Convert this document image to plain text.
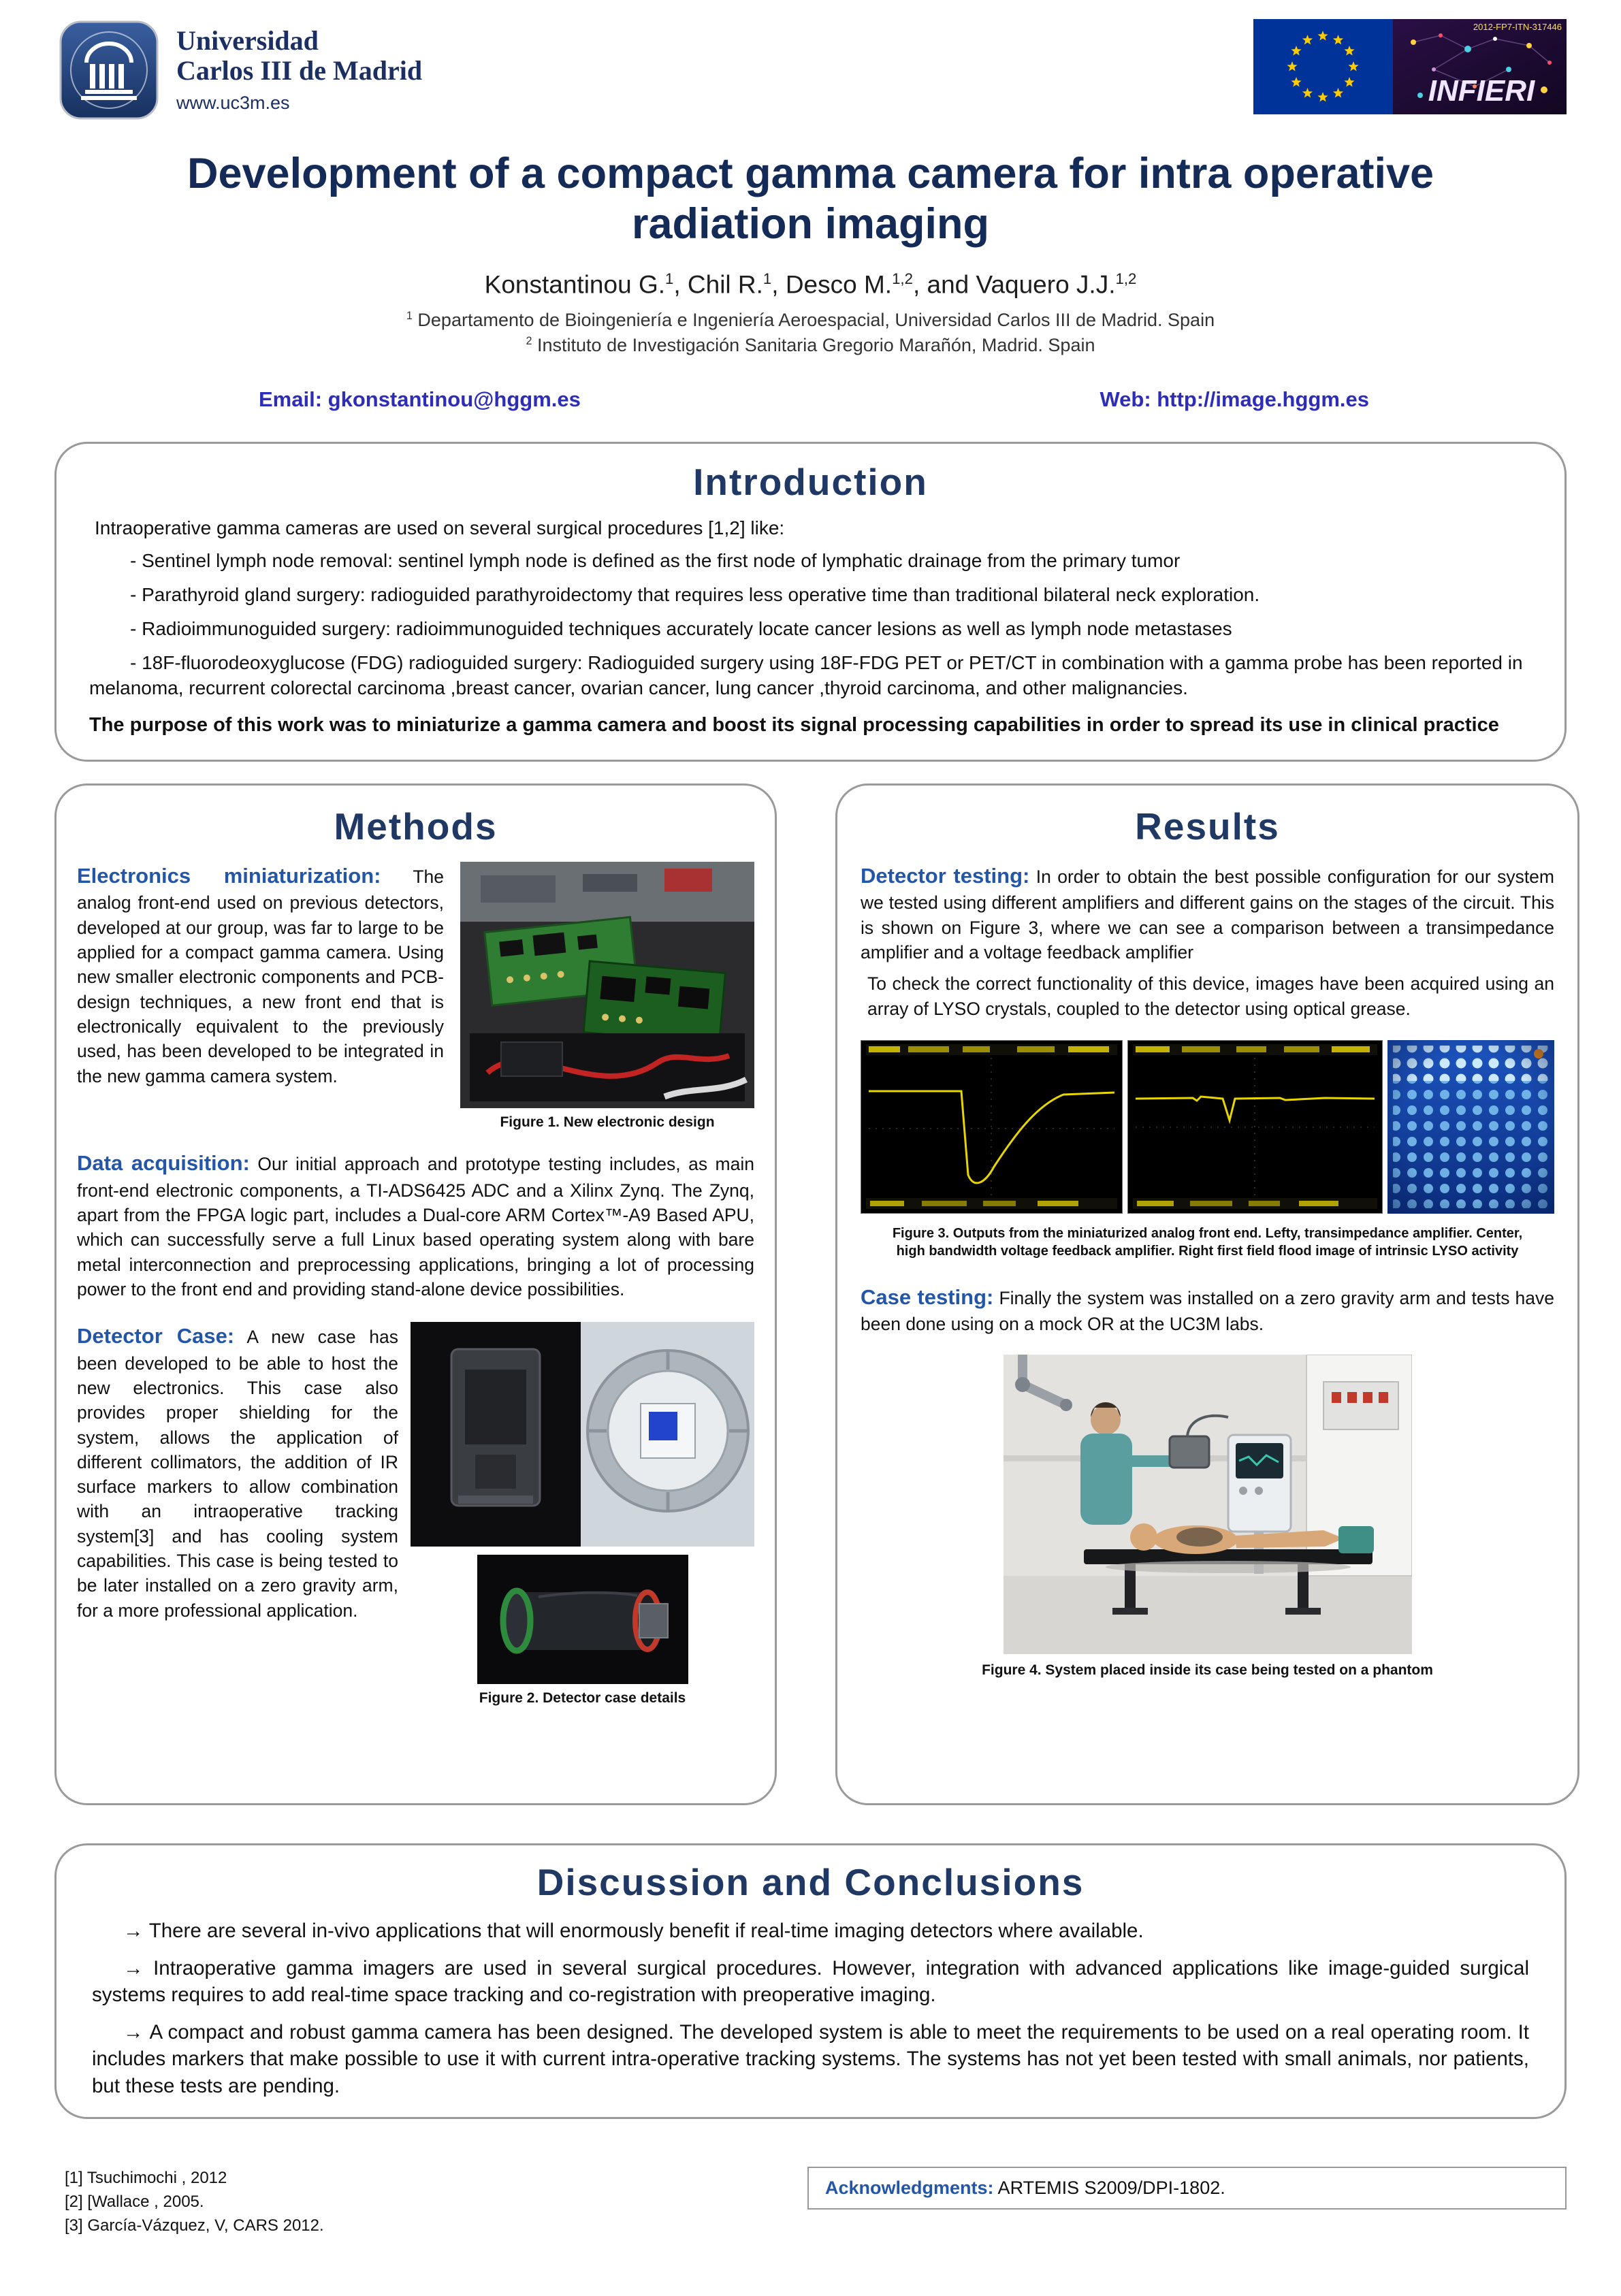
Universidad
Carlos III de Madrid
www.uc3m.es
2012-FP7-ITN-317446
INFIERI
Development of a compact gamma camera for intra operative radiation imaging
Konstantinou G.$^1$, Chil R.$^1$, Desco M.$^{1,2}$, and Vaquero J.J.$^{1,2}$
$^1$ Departamento de Bioingeniería e Ingeniería Aeroespacial, Universidad Carlos III de Madrid. Spain
$^2$ Instituto de Investigación Sanitaria Gregorio Marañón, Madrid. Spain
Email: gkonstantinou@hggm.es	Web: http://image.hggm.es
Introduction

Intraoperative gamma cameras are used on several surgical procedures [1,2] like:

- Sentinel lymph node removal: sentinel lymph node is defined as the first node of lymphatic drainage from the primary tumor

- Parathyroid gland surgery: radioguided parathyroidectomy that requires less operative time than traditional bilateral neck exploration.

- Radioimmunoguided surgery: radioimmunoguided techniques accurately locate cancer lesions as well as lymph node metastases

- 18F-fluorodeoxyglucose (FDG) radioguided surgery: Radioguided surgery using 18F-FDG PET or PET/CT in combination with a gamma probe has been reported in melanoma, recurrent colorectal carcinoma ,breast cancer, ovarian cancer, lung cancer ,thyroid carcinoma, and other malignancies.

The purpose of this work was to miniaturize a gamma camera and boost its signal processing capabilities in order to spread its use in clinical practice

Methods

Electronics miniaturization: The analog front-end used on previous detectors, developed at our group, was far to large to be applied for a compact gamma camera. Using new smaller electronic components and PCB-design techniques, a new front end that is electronically equivalent to the previously used, has been developed to be integrated in the new gamma camera system.

Figure 1. New electronic design

Data acquisition: Our initial approach and prototype testing includes, as main front-end electronic components, a TI-ADS6425 ADC and a Xilinx Zynq. The Zynq, apart from the FPGA logic part, includes a Dual-core ARM Cortex™-A9 Based APU, which can successfully serve a full Linux based operating system along with bare metal interconnection and preprocessing applications, bringing a lot of processing power to the front end and providing stand-alone device possibilities.

Detector Case: A new case has been developed to be able to host the new electronics. This case also provides proper shielding for the system, allows the application of different collimators, the addition of IR surface markers to allow combination with an intraoperative tracking system[3] and has cooling system capabilities. This case is being tested to be later installed on a zero gravity arm, for a more professional application.

Figure 2. Detector case details
Results

Detector testing: In order to obtain the best possible configuration for our system we tested using different amplifiers and different gains on the stages of the circuit. This is shown on Figure 3, where we can see a comparison between a transimpedance amplifier and a voltage feedback amplifier

To check the correct functionality of this device, images have been acquired using an array of LYSO crystals, coupled to the detector using optical grease.

Figure 3. Outputs from the miniaturized analog front end. Lefty, transimpedance amplifier. Center, high bandwidth voltage feedback amplifier. Right first field flood image of intrinsic LYSO activity

Case testing: Finally the system was installed on a zero gravity arm and tests have been done using on a mock OR at the UC3M labs.

Figure 4. System placed inside its case being tested on a phantom
Discussion and Conclusions

→ There are several in-vivo applications that will enormously benefit if real-time imaging detectors where available.

→ Intraoperative gamma imagers are used in several surgical procedures. However, integration with advanced applications like image-guided surgical systems requires to add real-time space tracking and co-registration with preoperative imaging.

→ A compact and robust gamma camera has been designed. The developed system is able to meet the requirements to be used on a real operating room. It includes markers that make possible to use it with current intra-operative tracking systems. The systems has not yet been tested with small animals, nor patients, but these tests are pending.

[1] Tsuchimochi , 2012
[2] [Wallace , 2005.
[3] García-Vázquez, V, CARS 2012.
Acknowledgments: ARTEMIS S2009/DPI-1802.
